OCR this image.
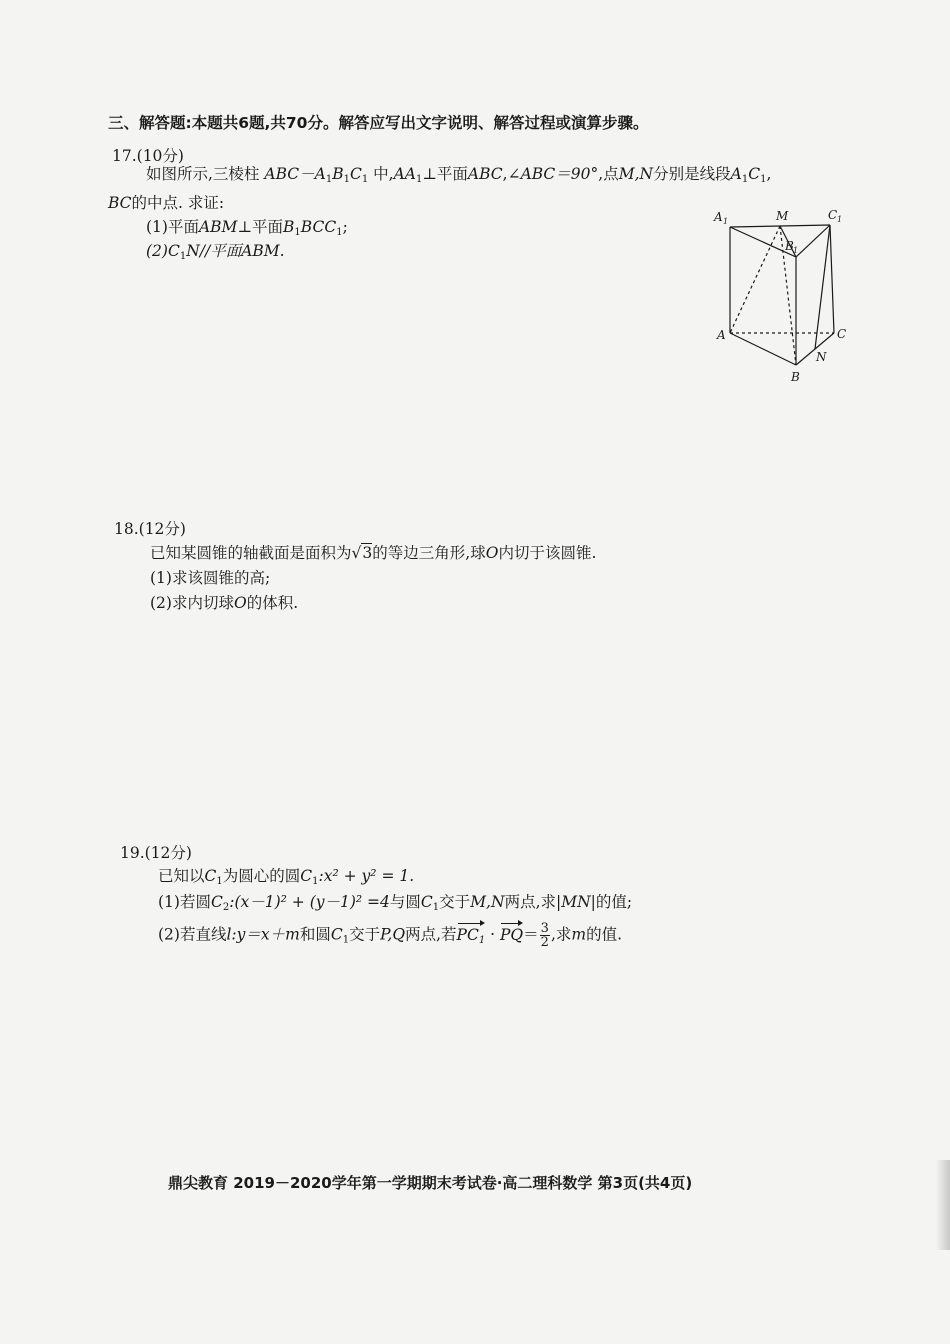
三、解答题:本题共6题,共70分。解答应写出文字说明、解答过程或演算步骤。
17.(10分)
如图所示,三棱柱 $ABC-A_1B_1C_1$ 中$,AA_1\perp$平面ABC,∠ABC＝90°,点M,N分别是线段$A_1C_1$,
BC的中点. 求证:
(1)平面ABM⊥平面$B_1BCC_1$;
$(2)C_1N//$平面ABM.
A 1	M	C 1
B 1
A	C
N
B
18.(12分)
已知某圆锥的轴截面是面积为√3的等边三角形,球O内切于该圆锥.
(1)求该圆锥的高;
(2)求内切球O的体积.
19.(12分)
已知以$C_1$为圆心的圆$C_1:x^2 + y^2 = 1$.
(1)若圆$C_2:(x-1)^2 + (y-1)^2 =4$与圆$C_1$交于M,N两点,求|MN|的值;
(2)若直线l:y＝x＋m和圆$C_1$交于P,Q两点,若$PC_1 \cdot PQ= \frac{3}{2}$ ,求m的值.
鼎尖教育 2019－2020学年第一学期期末考试卷·高二理科数学 第3页(共4页)
